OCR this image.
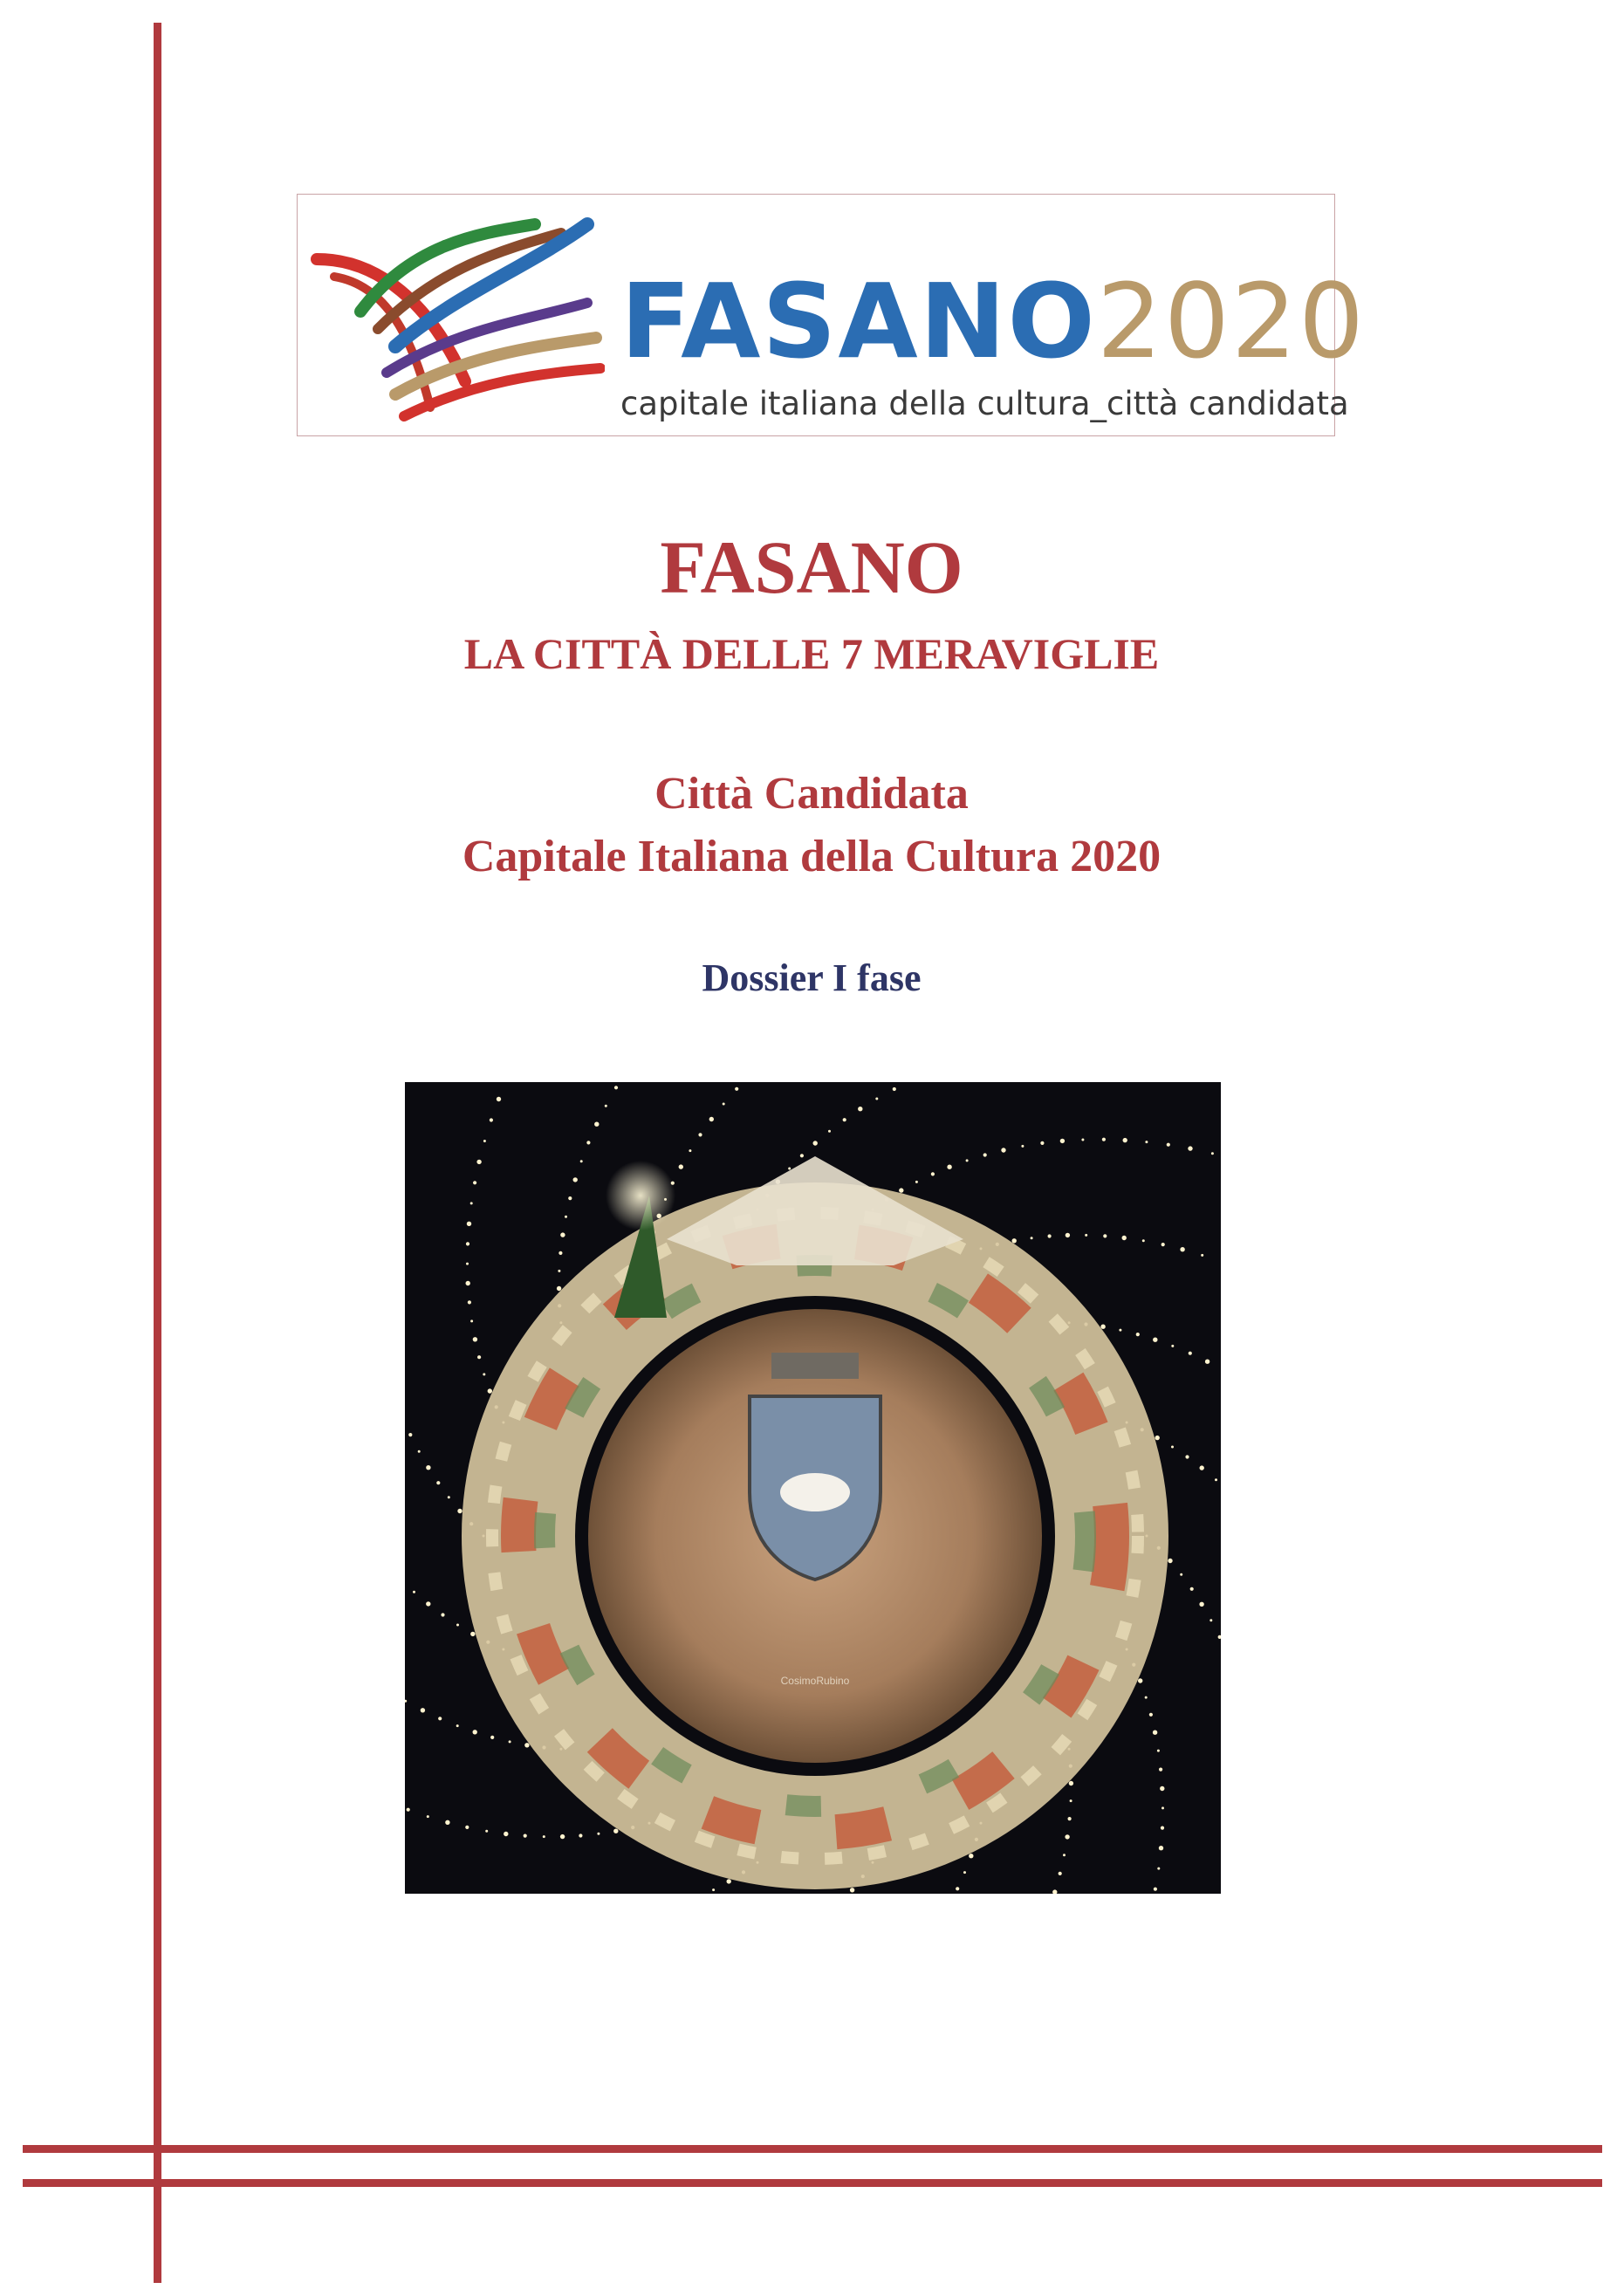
FASANO2020
capitale italiana della cultura_città candidata
FASANO
LA CITTÀ DELLE 7 MERAVIGLIE
Città Candidata
Capitale Italiana della Cultura 2020
Dossier I fase
CosimoRubino
